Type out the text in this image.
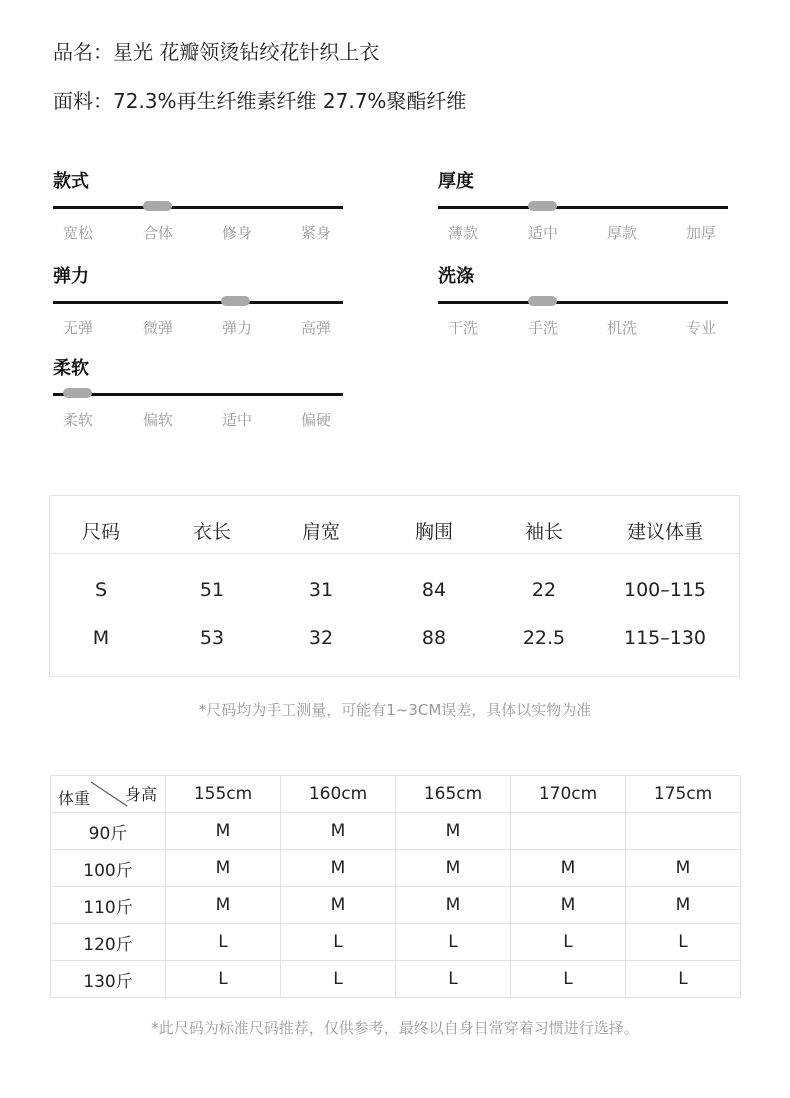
品名：星光 花瓣领烫钻绞花针织上衣
面料：72.3%再生纤维素纤维 27.7%聚酯纤维
款式
宽松	合体	修身	紧身
厚度
薄款	适中	厚款	加厚
弹力
无弹	微弹	弹力	高弹
洗涤
干洗	手洗	机洗	专业
柔软
柔软	偏软	适中	偏硬
尺码	衣长	肩宽	胸围	袖长	建议体重
S	51	31	84	22	100–115
M	53	32	88	22.5	115–130
*尺码均为手工测量，可能有1~3CM误差，具体以实物为准
身高
体重	155cm	160cm	165cm	170cm	175cm
90斤	M	M	M		
100斤	M	M	M	M	M
110斤	M	M	M	M	M
120斤	L	L	L	L	L
130斤	L	L	L	L	L
*此尺码为标准尺码推荐，仅供参考，最终以自身日常穿着习惯进行选择。
